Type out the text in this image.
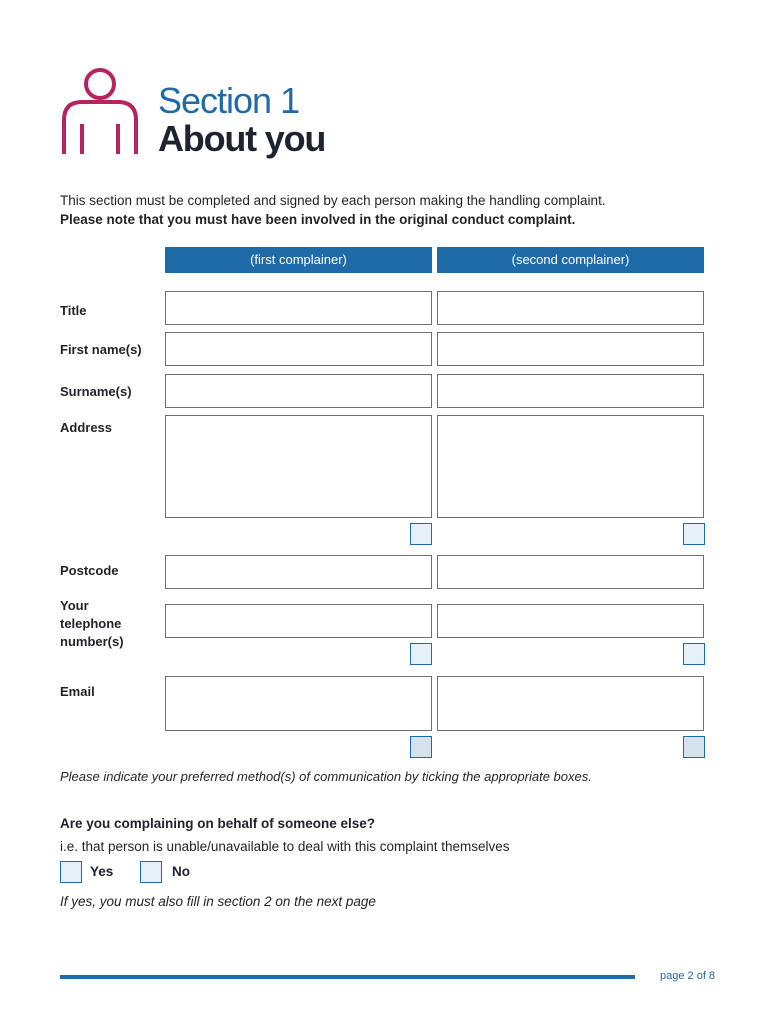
Section 1
About you
This section must be completed and signed by each person making the handling complaint.
Please note that you must have been involved in the original conduct complaint.
(first complainer)	(second complainer)
Title
First name(s)
Surname(s)
Address
Postcode
Your
telephone
number(s)
Email
Please indicate your preferred method(s) of communication by ticking the appropriate boxes.
Are you complaining on behalf of someone else?
i.e. that person is unable/unavailable to deal with this complaint themselves
Yes	No
If yes, you must also fill in section 2 on the next page
page 2 of 8
